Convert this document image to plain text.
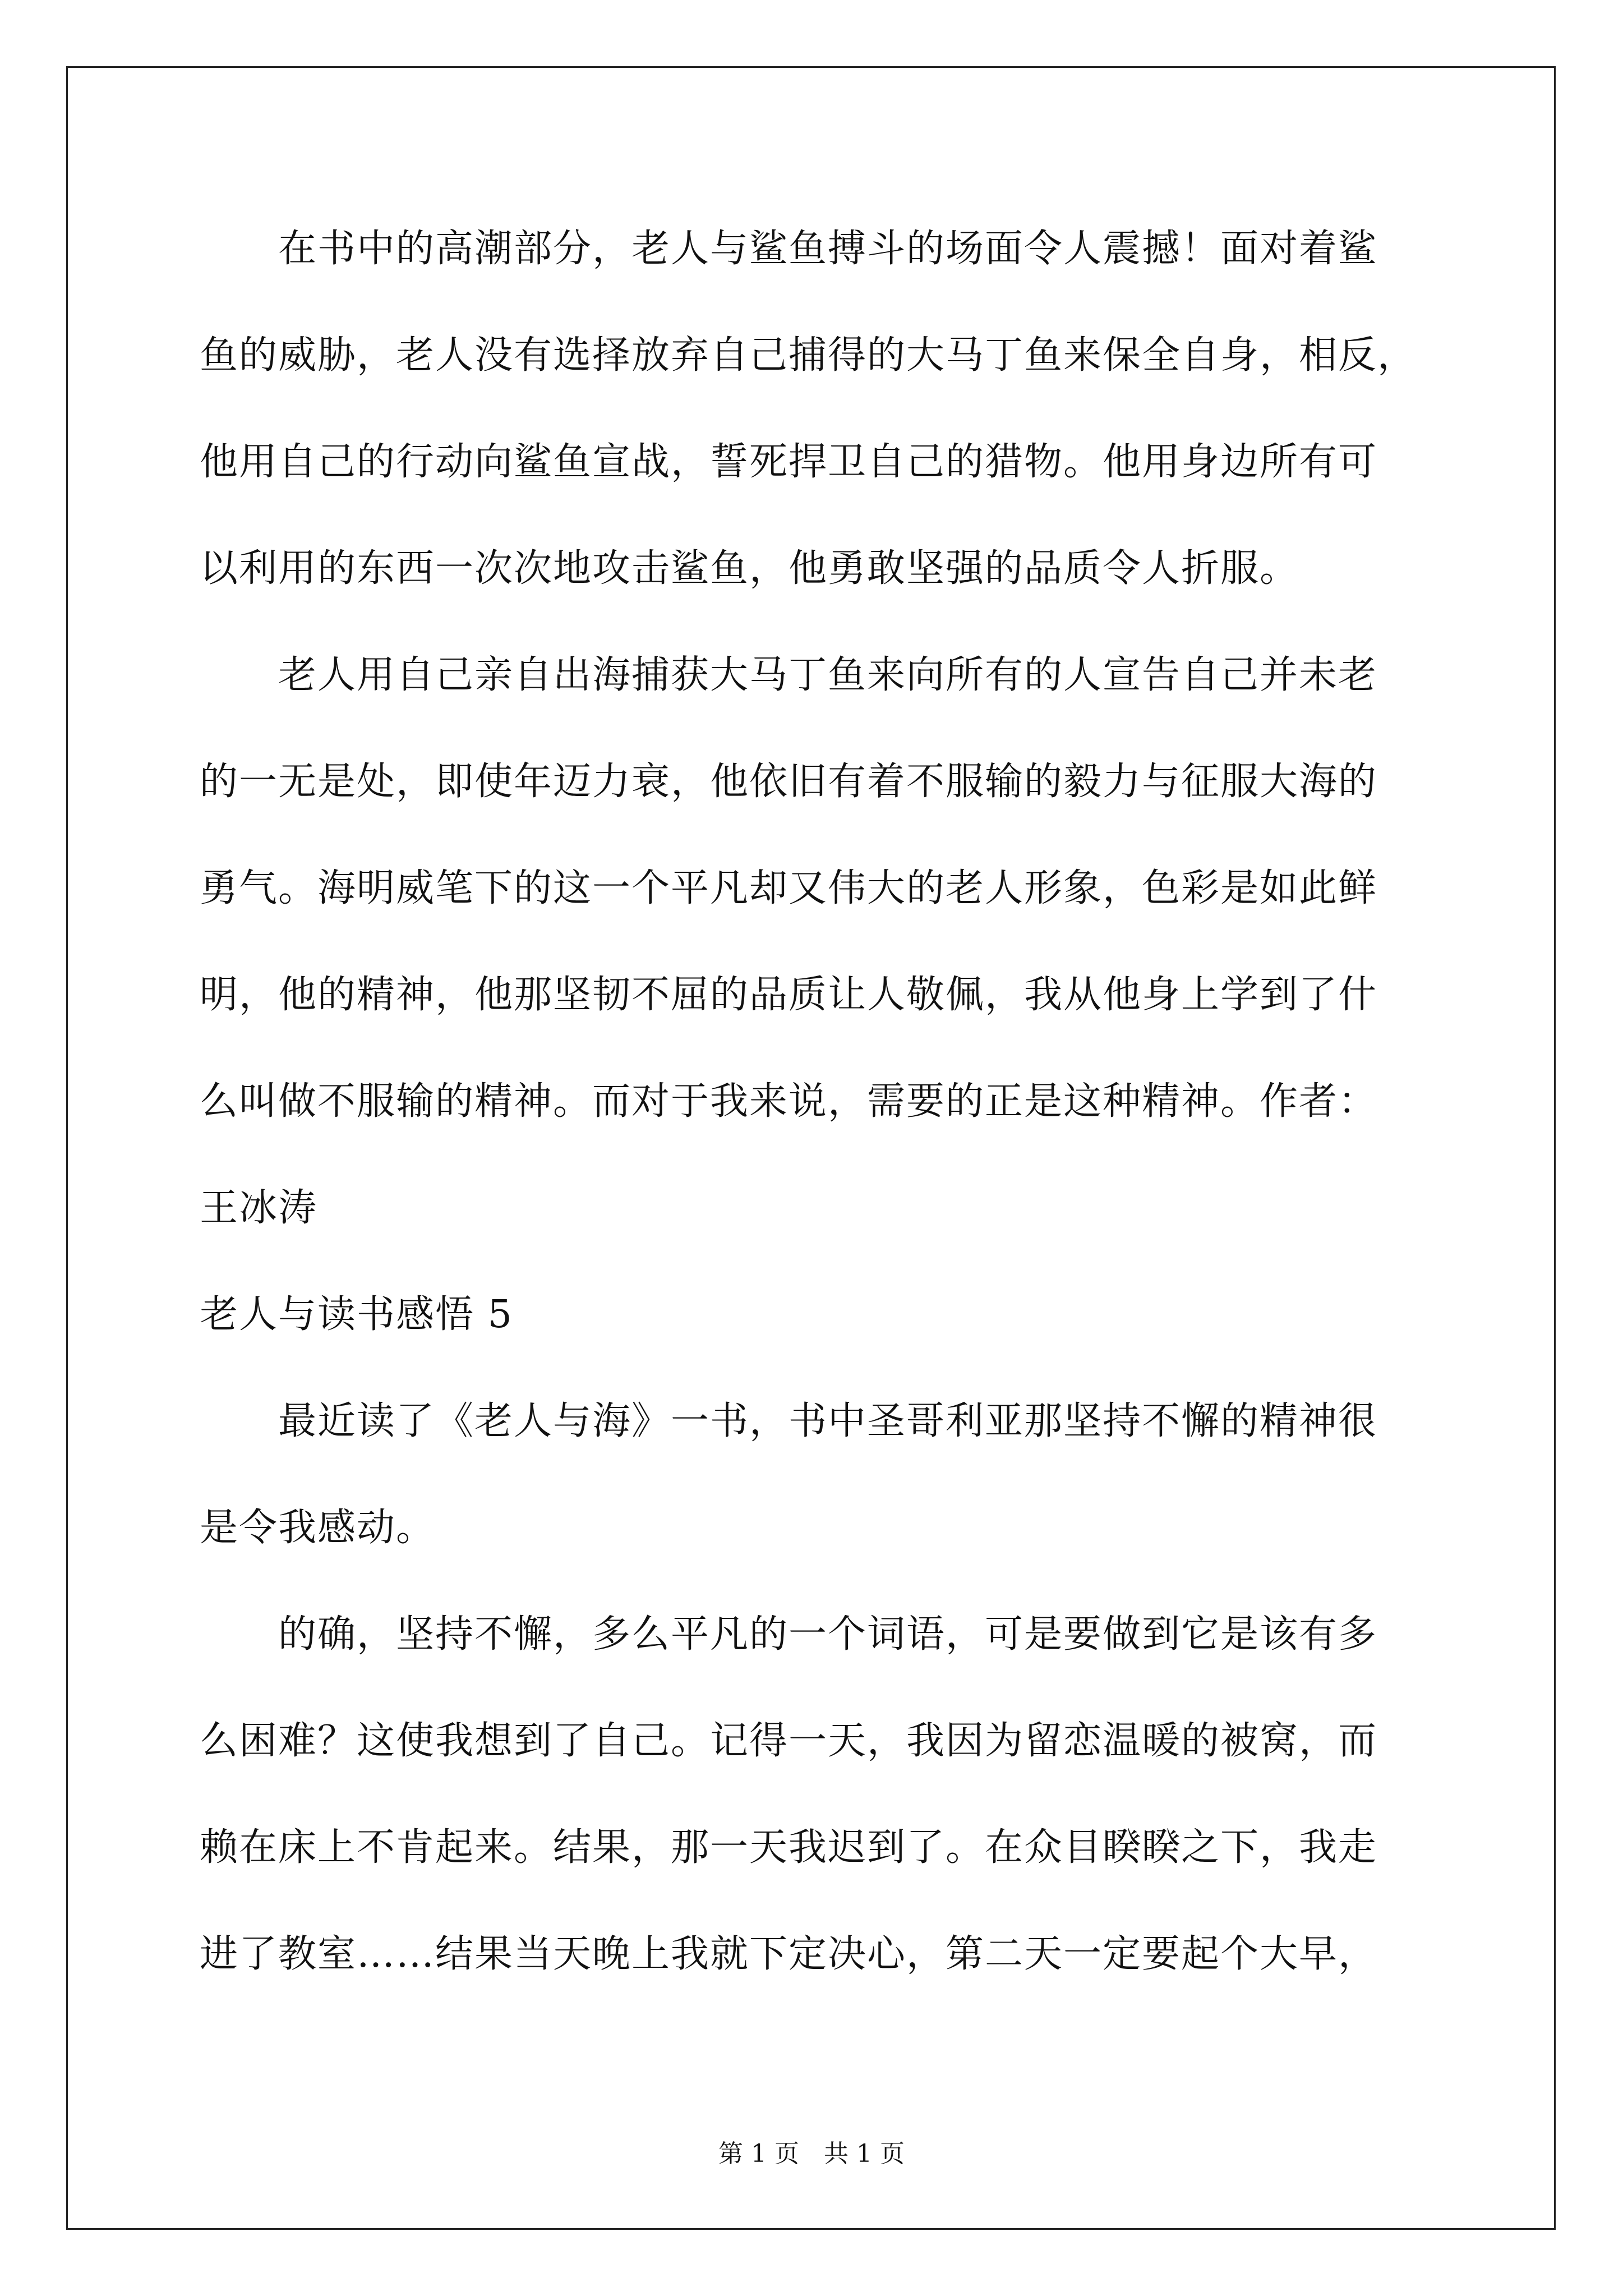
在书中的高潮部分，老人与鲨鱼搏斗的场面令人震撼！面对着鲨
鱼的威胁，老人没有选择放弃自己捕得的大马丁鱼来保全自身，相反，
他用自己的行动向鲨鱼宣战，誓死捍卫自己的猎物。他用身边所有可
以利用的东西一次次地攻击鲨鱼，他勇敢坚强的品质令人折服。
老人用自己亲自出海捕获大马丁鱼来向所有的人宣告自己并未老
的一无是处，即使年迈力衰，他依旧有着不服输的毅力与征服大海的
勇气。海明威笔下的这一个平凡却又伟大的老人形象，色彩是如此鲜
明，他的精神，他那坚韧不屈的品质让人敬佩，我从他身上学到了什
么叫做不服输的精神。而对于我来说，需要的正是这种精神。作者：
王冰涛
老人与读书感悟 5
最近读了《老人与海》一书，书中圣哥利亚那坚持不懈的精神很
是令我感动。
的确，坚持不懈，多么平凡的一个词语，可是要做到它是该有多
么困难？这使我想到了自己。记得一天，我因为留恋温暖的被窝，而
赖在床上不肯起来。结果，那一天我迟到了。在众目睽睽之下，我走
进了教室……结果当天晚上我就下定决心，第二天一定要起个大早，
第 1 页 共 1 页
